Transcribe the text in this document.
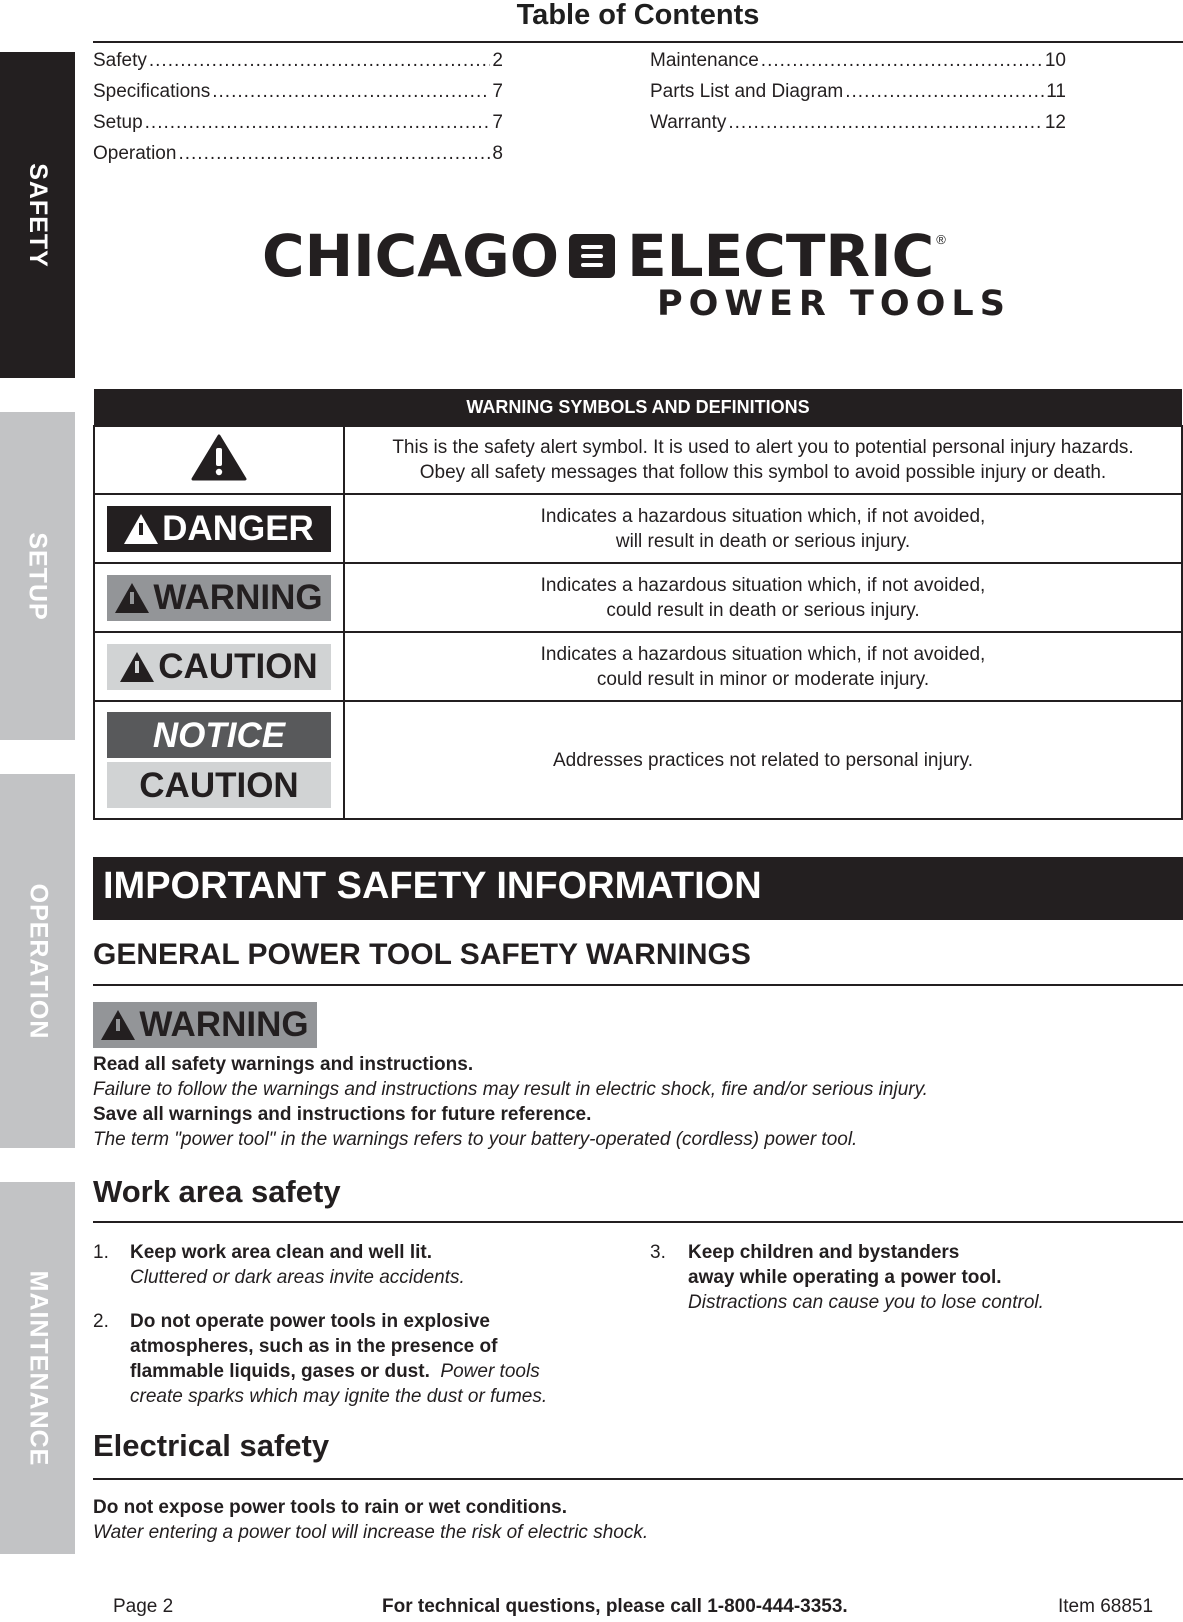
SAFETY
SETUP
OPERATION
MAINTENANCE
Table of Contents
Safety .....	2
Specifications .....	7
Setup .....	7
Operation .....	8
Maintenance .....	10
Parts List and Diagram .....	11
Warranty .....	12
CHICAGO ELECTRIC ®
POWER TOOLS
WARNING SYMBOLS AND DEFINITIONS	

This is the safety alert symbol. It is used to alert you to potential personal injury hazards.
Obey all safety messages that follow this symbol to avoid possible injury or death.

DANGER	Indicates a hazardous situation which, if not avoided,
will result in death or serious injury.

WARNING	Indicates a hazardous situation which, if not avoided,
could result in death or serious injury.

CAUTION	Indicates a hazardous situation which, if not avoided,
could result in minor or moderate injury.

NOTICE
CAUTION	Addresses practices not related to personal injury.
IMPORTANT SAFETY INFORMATION
GENERAL POWER TOOL SAFETY WARNINGS
WARNING
Read all safety warnings and instructions.
Failure to follow the warnings and instructions may result in electric shock, fire and/or serious injury.
Save all warnings and instructions for future reference.
The term "power tool" in the warnings refers to your battery-operated (cordless) power tool.
Work area safety
1.	Keep work area clean and well lit.
Cluttered or dark areas invite accidents.
2.	Do not operate power tools in explosive
atmospheres, such as in the presence of
flammable liquids, gases or dust. Power tools
create sparks which may ignite the dust or fumes.
3.	Keep children and bystanders
away while operating a power tool.
Distractions can cause you to lose control.
Electrical safety
Do not expose power tools to rain or wet conditions.
Water entering a power tool will increase the risk of electric shock.
Page 2	For technical questions, please call 1-800-444-3353.	Item 68851
